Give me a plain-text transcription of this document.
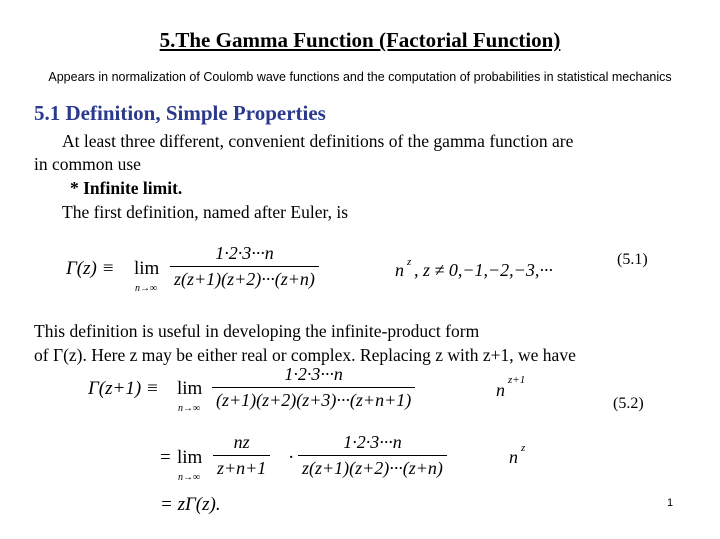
5.The Gamma Function (Factorial Function)
Appears in normalization of Coulomb wave functions and the computation of probabilities in statistical mechanics
5.1 Definition, Simple Properties
At least three different, convenient definitions of the gamma function are
in common use
* Infinite limit.
The first definition, named after Euler, is
Γ(z) ≡ lim
$n\to\infty \frac{1\cdot 2\cdot 3\cdot\cdot\cdot n}{z(z+1)(z+2)\cdot\cdot\cdot(z+n)}$	n z , z ≠ 0,−1,−2,−3,···
(5.1)
This definition is useful in developing the infinite-product form
of Γ(z). Here z may be either real or complex. Replacing z with z+1, we have
Γ(z+1) ≡ lim
$n\to\infty \frac{1\cdot 2\cdot 3\cdot\cdot\cdot n}{(z+1)(z+2)(z+3)\cdot\cdot\cdot(z+n+1)}$	n z+1
(5.2)
= lim
$n\to\infty \frac{nz}{z+n+1} \cdot \frac{1\cdot 2\cdot 3\cdot\cdot\cdot n}{z(z+1)(z+2)\cdot\cdot\cdot(z+n)}$	n z
= zΓ(z).	1
